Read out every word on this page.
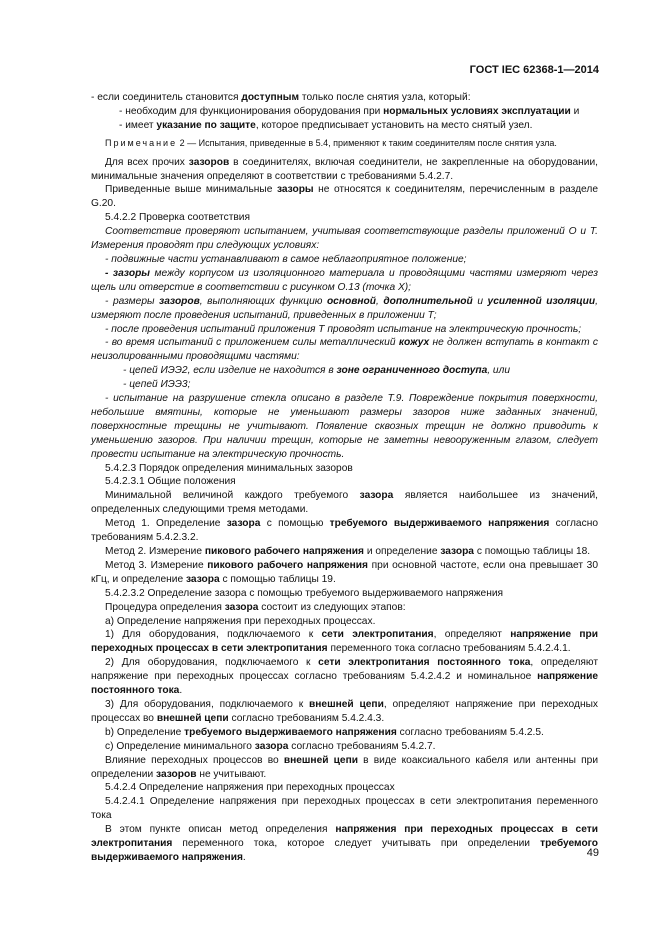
ГОСТ IEC 62368-1—2014

- если соединитель становится доступным только после снятия узла, который:

- необходим для функционирования оборудования при нормальных условиях эксплуатации и

- имеет указание по защите, которое предписывает установить на место снятый узел.

Примечание 2 — Испытания, приведенные в 5.4, применяют к таким соединителям после снятия узла.

Для всех прочих зазоров в соединителях, включая соединители, не закрепленные на оборудовании, минимальные значения определяют в соответствии с требованиями 5.4.2.7.

Приведенные выше минимальные зазоры не относятся к соединителям, перечисленным в разделе G.20.

5.4.2.2 Проверка соответствия

Соответствие проверяют испытанием, учитывая соответствующие разделы приложений О и Т. Измерения проводят при следующих условиях:

- подвижные части устанавливают в самое неблагоприятное положение;

- зазоры между корпусом из изоляционного материала и проводящими частями измеряют через щель или отверстие в соответствии с рисунком О.13 (точка X);

- размеры зазоров, выполняющих функцию основной, дополнительной и усиленной изоляции, измеряют после проведения испытаний, приведенных в приложении Т;

- после проведения испытаний приложения Т проводят испытание на электрическую прочность;

- во время испытаний с приложением силы металлический кожух не должен вступать в контакт с неизолированными проводящими частями:

- цепей ИЭЭ2, если изделие не находится в зоне ограниченного доступа, или

- цепей ИЭЭ3;

- испытание на разрушение стекла описано в разделе Т.9. Повреждение покрытия поверхности, небольшие вмятины, которые не уменьшают размеры зазоров ниже заданных значений, поверхностные трещины не учитывают. Появление сквозных трещин не должно приводить к уменьшению зазоров. При наличии трещин, которые не заметны невооруженным глазом, следует провести испытание на электрическую прочность.

5.4.2.3 Порядок определения минимальных зазоров

5.4.2.3.1 Общие положения

Минимальной величиной каждого требуемого зазора является наибольшее из значений, определенных следующими тремя методами.

Метод 1. Определение зазора с помощью требуемого выдерживаемого напряжения согласно требованиям 5.4.2.3.2.

Метод 2. Измерение пикового рабочего напряжения и определение зазора с помощью таблицы 18.

Метод 3. Измерение пикового рабочего напряжения при основной частоте, если она превышает 30 кГц, и определение зазора с помощью таблицы 19.

5.4.2.3.2 Определение зазора с помощью требуемого выдерживаемого напряжения

Процедура определения зазора состоит из следующих этапов:

a) Определение напряжения при переходных процессах.

1) Для оборудования, подключаемого к сети электропитания, определяют напряжение при переходных процессах в сети электропитания переменного тока согласно требованиям 5.4.2.4.1.

2) Для оборудования, подключаемого к сети электропитания постоянного тока, определяют напряжение при переходных процессах согласно требованиям 5.4.2.4.2 и номинальное напряжение постоянного тока.

3) Для оборудования, подключаемого к внешней цепи, определяют напряжение при переходных процессах во внешней цепи согласно требованиям 5.4.2.4.3.

b) Определение требуемого выдерживаемого напряжения согласно требованиям 5.4.2.5.

c) Определение минимального зазора согласно требованиям 5.4.2.7.

Влияние переходных процессов во внешней цепи в виде коаксиального кабеля или антенны при определении зазоров не учитывают.

5.4.2.4 Определение напряжения при переходных процессах

5.4.2.4.1 Определение напряжения при переходных процессах в сети электропитания переменного тока

В этом пункте описан метод определения напряжения при переходных процессах в сети электропитания переменного тока, которое следует учитывать при определении требуемого выдерживаемого напряжения.	49
